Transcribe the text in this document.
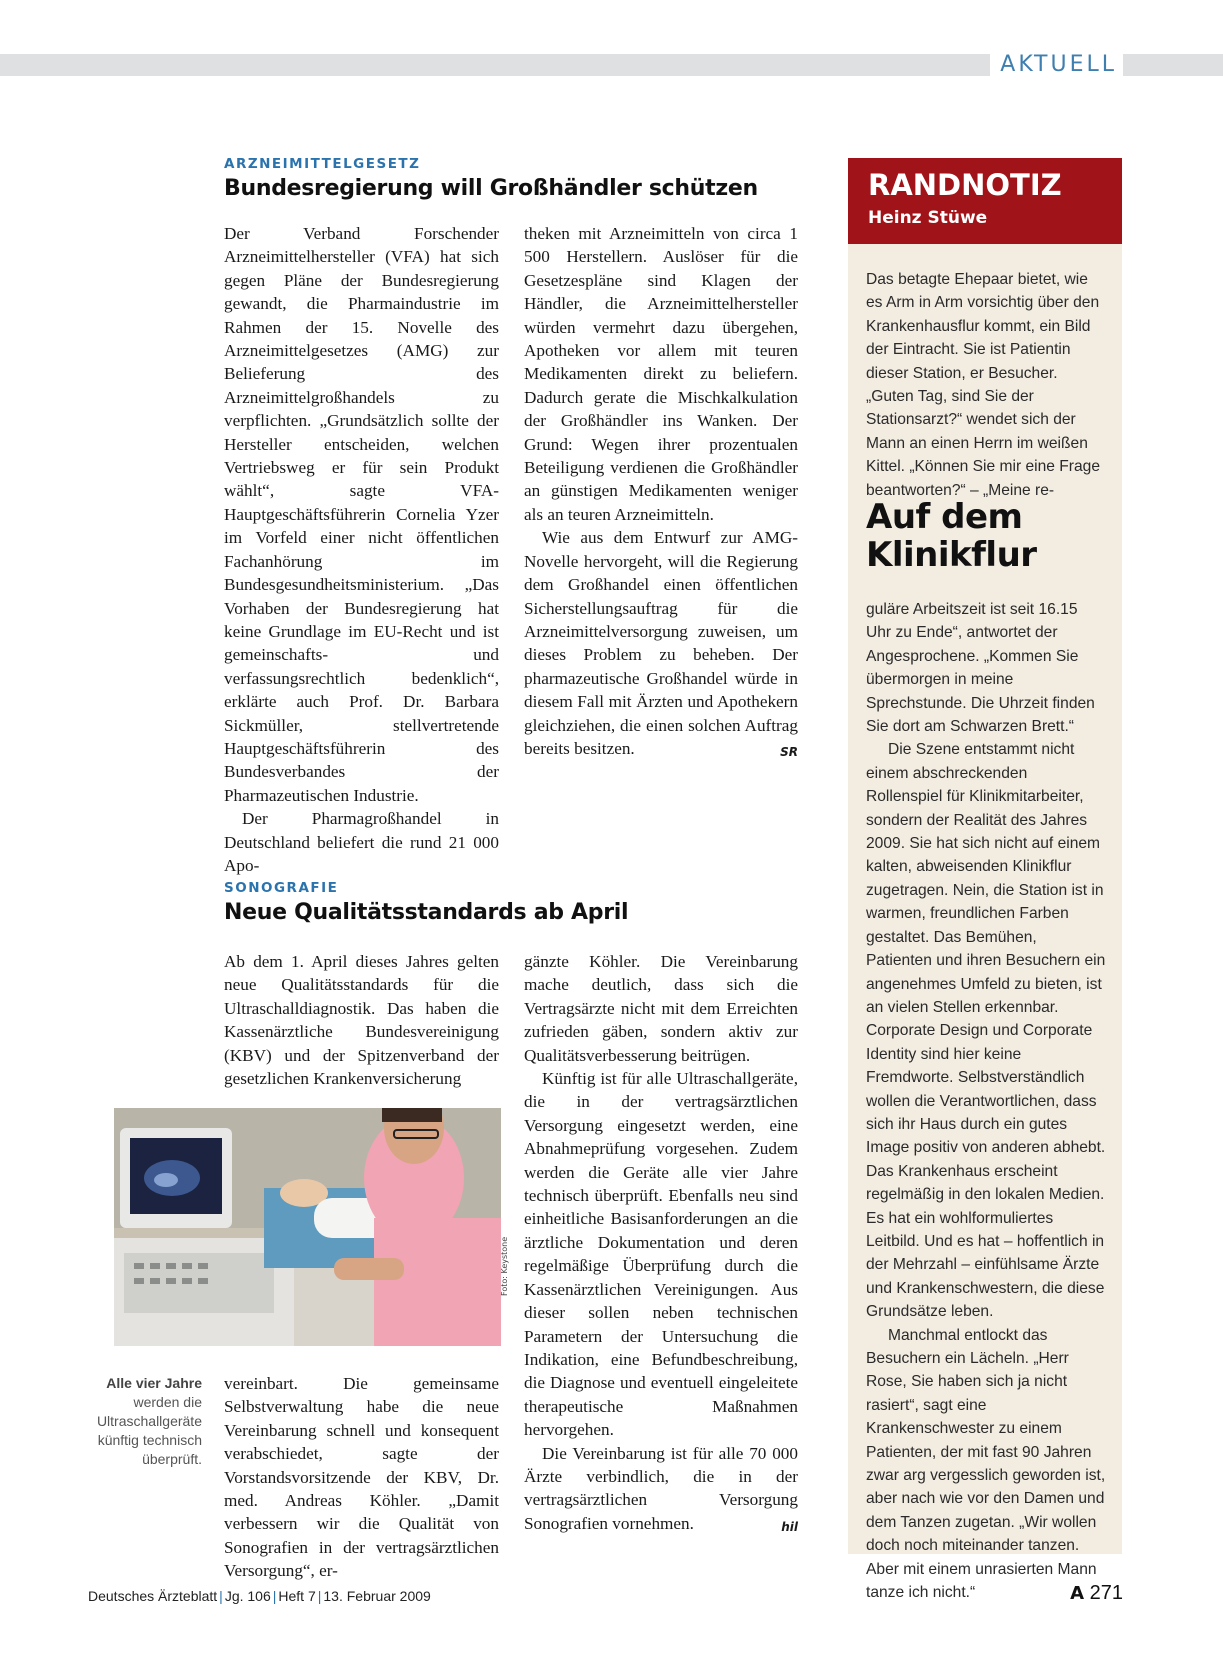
AKTUELL
ARZNEIMITTELGESETZ
Bundesregierung will Großhändler schützen

Der Verband Forschender Arzneimittelhersteller (VFA) hat sich gegen Pläne der Bundesregierung gewandt, die Pharmaindustrie im Rahmen der 15. Novelle des Arzneimittelgesetzes (AMG) zur Belieferung des Arzneimittelgroßhandels zu verpflichten. „Grundsätzlich sollte der Hersteller entscheiden, welchen Vertriebsweg er für sein Produkt wählt“, sagte VFA-Hauptgeschäftsführerin Cornelia Yzer im Vorfeld einer nicht öffentlichen Fachanhörung im Bundesgesundheitsministerium. „Das Vorhaben der Bundesregierung hat keine Grundlage im EU-Recht und ist gemeinschafts- und verfassungsrechtlich bedenklich“, erklärte auch Prof. Dr. Barbara Sickmüller, stellvertretende Hauptgeschäftsführerin des Bundesverbandes der Pharmazeutischen Industrie.

Der Pharmagroßhandel in Deutschland beliefert die rund 21 000 Apo-

theken mit Arzneimitteln von circa 1 500 Herstellern. Auslöser für die Gesetzespläne sind Klagen der Händler, die Arzneimittelhersteller würden vermehrt dazu übergehen, Apotheken vor allem mit teuren Medikamenten direkt zu beliefern. Dadurch gerate die Mischkalkulation der Großhändler ins Wanken. Der Grund: Wegen ihrer prozentualen Beteiligung verdienen die Großhändler an günstigen Medikamenten weniger als an teuren Arzneimitteln.

Wie aus dem Entwurf zur AMG-Novelle hervorgeht, will die Regierung dem Großhandel einen öffentlichen Sicherstellungsauftrag für die Arzneimittelversorgung zuweisen, um dieses Problem zu beheben. Der pharmazeutische Großhandel würde in diesem Fall mit Ärzten und Apothekern gleichziehen, die einen solchen Auftrag bereits besitzen.	SR

SONOGRAFIE
Neue Qualitätsstandards ab April

Ab dem 1. April dieses Jahres gelten neue Qualitätsstandards für die Ultraschalldiagnostik. Das haben die Kassenärztliche Bundesvereinigung (KBV) und der Spitzenverband der gesetzlichen Krankenversicherung

Foto: Keystone
Alle vier Jahre werden die Ultraschallgeräte künftig technisch überprüft.

vereinbart. Die gemeinsame Selbstverwaltung habe die neue Vereinbarung schnell und konsequent verabschiedet, sagte der Vorstandsvorsitzende der KBV, Dr. med. Andreas Köhler. „Damit verbessern wir die Qualität von Sonografien in der vertragsärztlichen Versorgung“, er-

gänzte Köhler. Die Vereinbarung mache deutlich, dass sich die Vertragsärzte nicht mit dem Erreichten zufrieden gäben, sondern aktiv zur Qualitätsverbesserung beitrügen.

Künftig ist für alle Ultraschallgeräte, die in der vertragsärztlichen Versorgung eingesetzt werden, eine Abnahmeprüfung vorgesehen. Zudem werden die Geräte alle vier Jahre technisch überprüft. Ebenfalls neu sind einheitliche Basisanforderungen an die ärztliche Dokumentation und deren regelmäßige Überprüfung durch die Kassenärztlichen Vereinigungen. Aus dieser sollen neben technischen Parametern der Untersuchung die Indikation, eine Befundbeschreibung, die Diagnose und eventuell eingeleitete therapeutische Maßnahmen hervorgehen.

Die Vereinbarung ist für alle 70 000 Ärzte verbindlich, die in der vertragsärztlichen Versorgung Sonografien vornehmen.	hil

RANDNOTIZ
Heinz Stüwe

Das betagte Ehepaar bietet, wie es Arm in Arm vorsichtig über den Krankenhausflur kommt, ein Bild der Eintracht. Sie ist Patientin dieser Station, er Besucher. „Guten Tag, sind Sie der Stationsarzt?“ wendet sich der Mann an einen Herrn im weißen Kittel. „Können Sie mir eine Frage beantworten?“ – „Meine re-

Auf dem
Klinikflur

guläre Arbeitszeit ist seit 16.15 Uhr zu Ende“, antwortet der Angesprochene. „Kommen Sie übermorgen in meine Sprechstunde. Die Uhrzeit finden Sie dort am Schwarzen Brett.“

Die Szene entstammt nicht einem abschreckenden Rollenspiel für Klinikmitarbeiter, sondern der Realität des Jahres 2009. Sie hat sich nicht auf einem kalten, abweisenden Klinikflur zugetragen. Nein, die Station ist in warmen, freundlichen Farben gestaltet. Das Bemühen, Patienten und ihren Besuchern ein angenehmes Umfeld zu bieten, ist an vielen Stellen erkennbar. Corporate Design und Corporate Identity sind hier keine Fremdworte. Selbstverständlich wollen die Verantwortlichen, dass sich ihr Haus durch ein gutes Image positiv von anderen abhebt. Das Krankenhaus erscheint regelmäßig in den lokalen Medien. Es hat ein wohlformuliertes Leitbild. Und es hat – hoffentlich in der Mehrzahl – einfühlsame Ärzte und Krankenschwestern, die diese Grundsätze leben.

Manchmal entlockt das Besuchern ein Lächeln. „Herr Rose, Sie haben sich ja nicht rasiert“, sagt eine Krankenschwester zu einem Patienten, der mit fast 90 Jahren zwar arg vergesslich geworden ist, aber nach wie vor den Damen und dem Tanzen zugetan. „Wir wollen doch noch miteinander tanzen. Aber mit einem unrasierten Mann tanze ich nicht.“

Deutsches Ärzteblatt | Jg. 106 | Heft 7 | 13. Februar 2009	A 271
